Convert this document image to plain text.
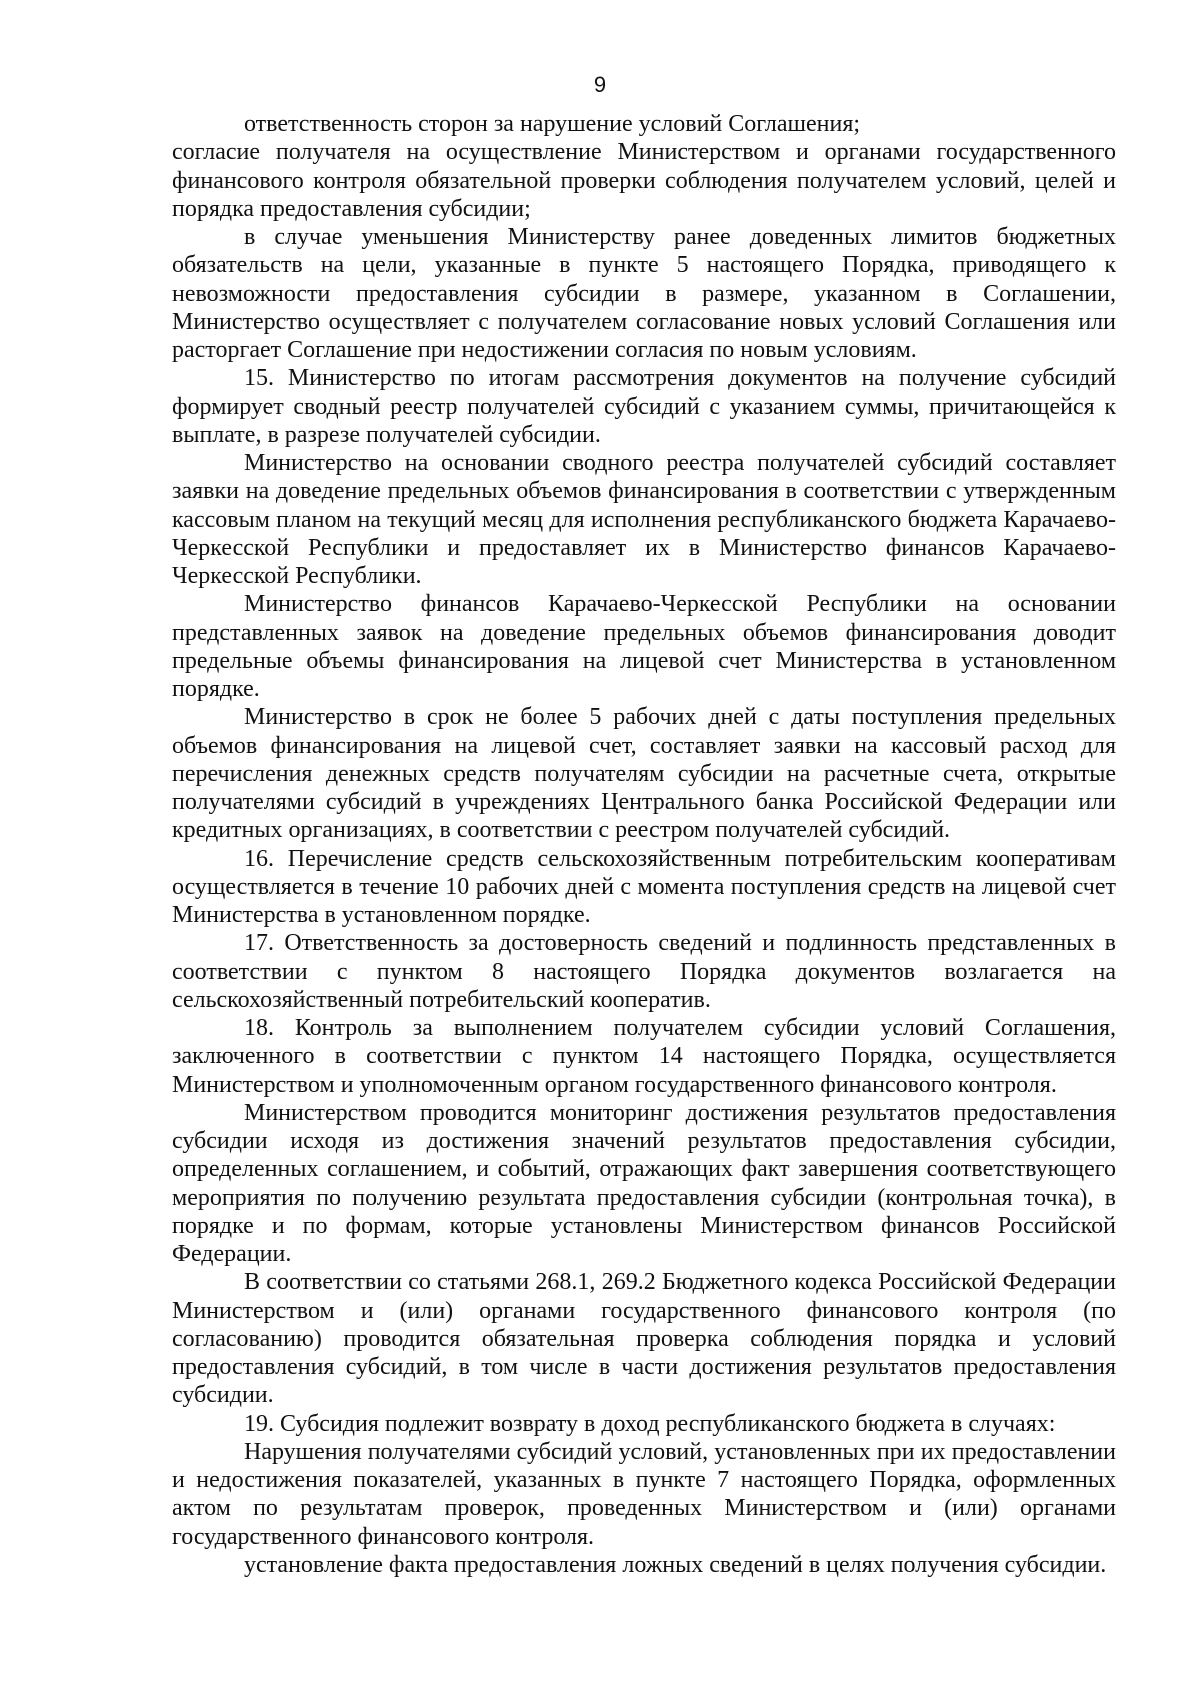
9

ответственность сторон за нарушение условий Соглашения;

согласие получателя на осуществление Министерством и органами государственного финансового контроля обязательной проверки соблюдения получателем условий, целей и порядка предоставления субсидии;

в случае уменьшения Министерству ранее доведенных лимитов бюджетных обязательств на цели, указанные в пункте 5 настоящего Порядка, приводящего к невозможности предоставления субсидии в размере, указанном в Соглашении, Министерство осуществляет с получателем согласование новых условий Соглашения или расторгает Соглашение при недостижении согласия по новым условиям.

15. Министерство по итогам рассмотрения документов на получение субсидий формирует сводный реестр получателей субсидий с указанием суммы, причитающейся к выплате, в разрезе получателей субсидии.

Министерство на основании сводного реестра получателей субсидий составляет заявки на доведение предельных объемов финансирования в соответствии с утвержденным кассовым планом на текущий месяц для исполнения республиканского бюджета Карачаево-Черкесской Республики и предоставляет их в Министерство финансов Карачаево-Черкесской Республики.

Министерство финансов Карачаево-Черкесской Республики на основании представленных заявок на доведение предельных объемов финансирования доводит предельные объемы финансирования на лицевой счет Министерства в установленном порядке.

Министерство в срок не более 5 рабочих дней с даты поступления предельных объемов финансирования на лицевой счет, составляет заявки на кассовый расход для перечисления денежных средств получателям субсидии на расчетные счета, открытые получателями субсидий в учреждениях Центрального банка Российской Федерации или кредитных организациях, в соответствии с реестром получателей субсидий.

16. Перечисление средств сельскохозяйственным потребительским кооперативам осуществляется в течение 10 рабочих дней с момента поступления средств на лицевой счет Министерства в установленном порядке.

17. Ответственность за достоверность сведений и подлинность представленных в соответствии с пунктом 8 настоящего Порядка документов возлагается на сельскохозяйственный потребительский кооператив.

18. Контроль за выполнением получателем субсидии условий Соглашения, заключенного в соответствии с пунктом 14 настоящего Порядка, осуществляется Министерством и уполномоченным органом государственного финансового контроля.

Министерством проводится мониторинг достижения результатов предоставления субсидии исходя из достижения значений результатов предоставления субсидии, определенных соглашением, и событий, отражающих факт завершения соответствующего мероприятия по получению результата предоставления субсидии (контрольная точка), в порядке и по формам, которые установлены Министерством финансов Российской Федерации.

В соответствии со статьями 268.1, 269.2 Бюджетного кодекса Российской Федерации Министерством и (или) органами государственного финансового контроля (по согласованию) проводится обязательная проверка соблюдения порядка и условий предоставления субсидий, в том числе в части достижения результатов предоставления субсидии.

19. Субсидия подлежит возврату в доход республиканского бюджета в случаях:

Нарушения получателями субсидий условий, установленных при их предоставлении и недостижения показателей, указанных в пункте 7 настоящего Порядка, оформленных актом по результатам проверок, проведенных Министерством и (или) органами государственного финансового контроля.

установление факта предоставления ложных сведений в целях получения субсидии.
